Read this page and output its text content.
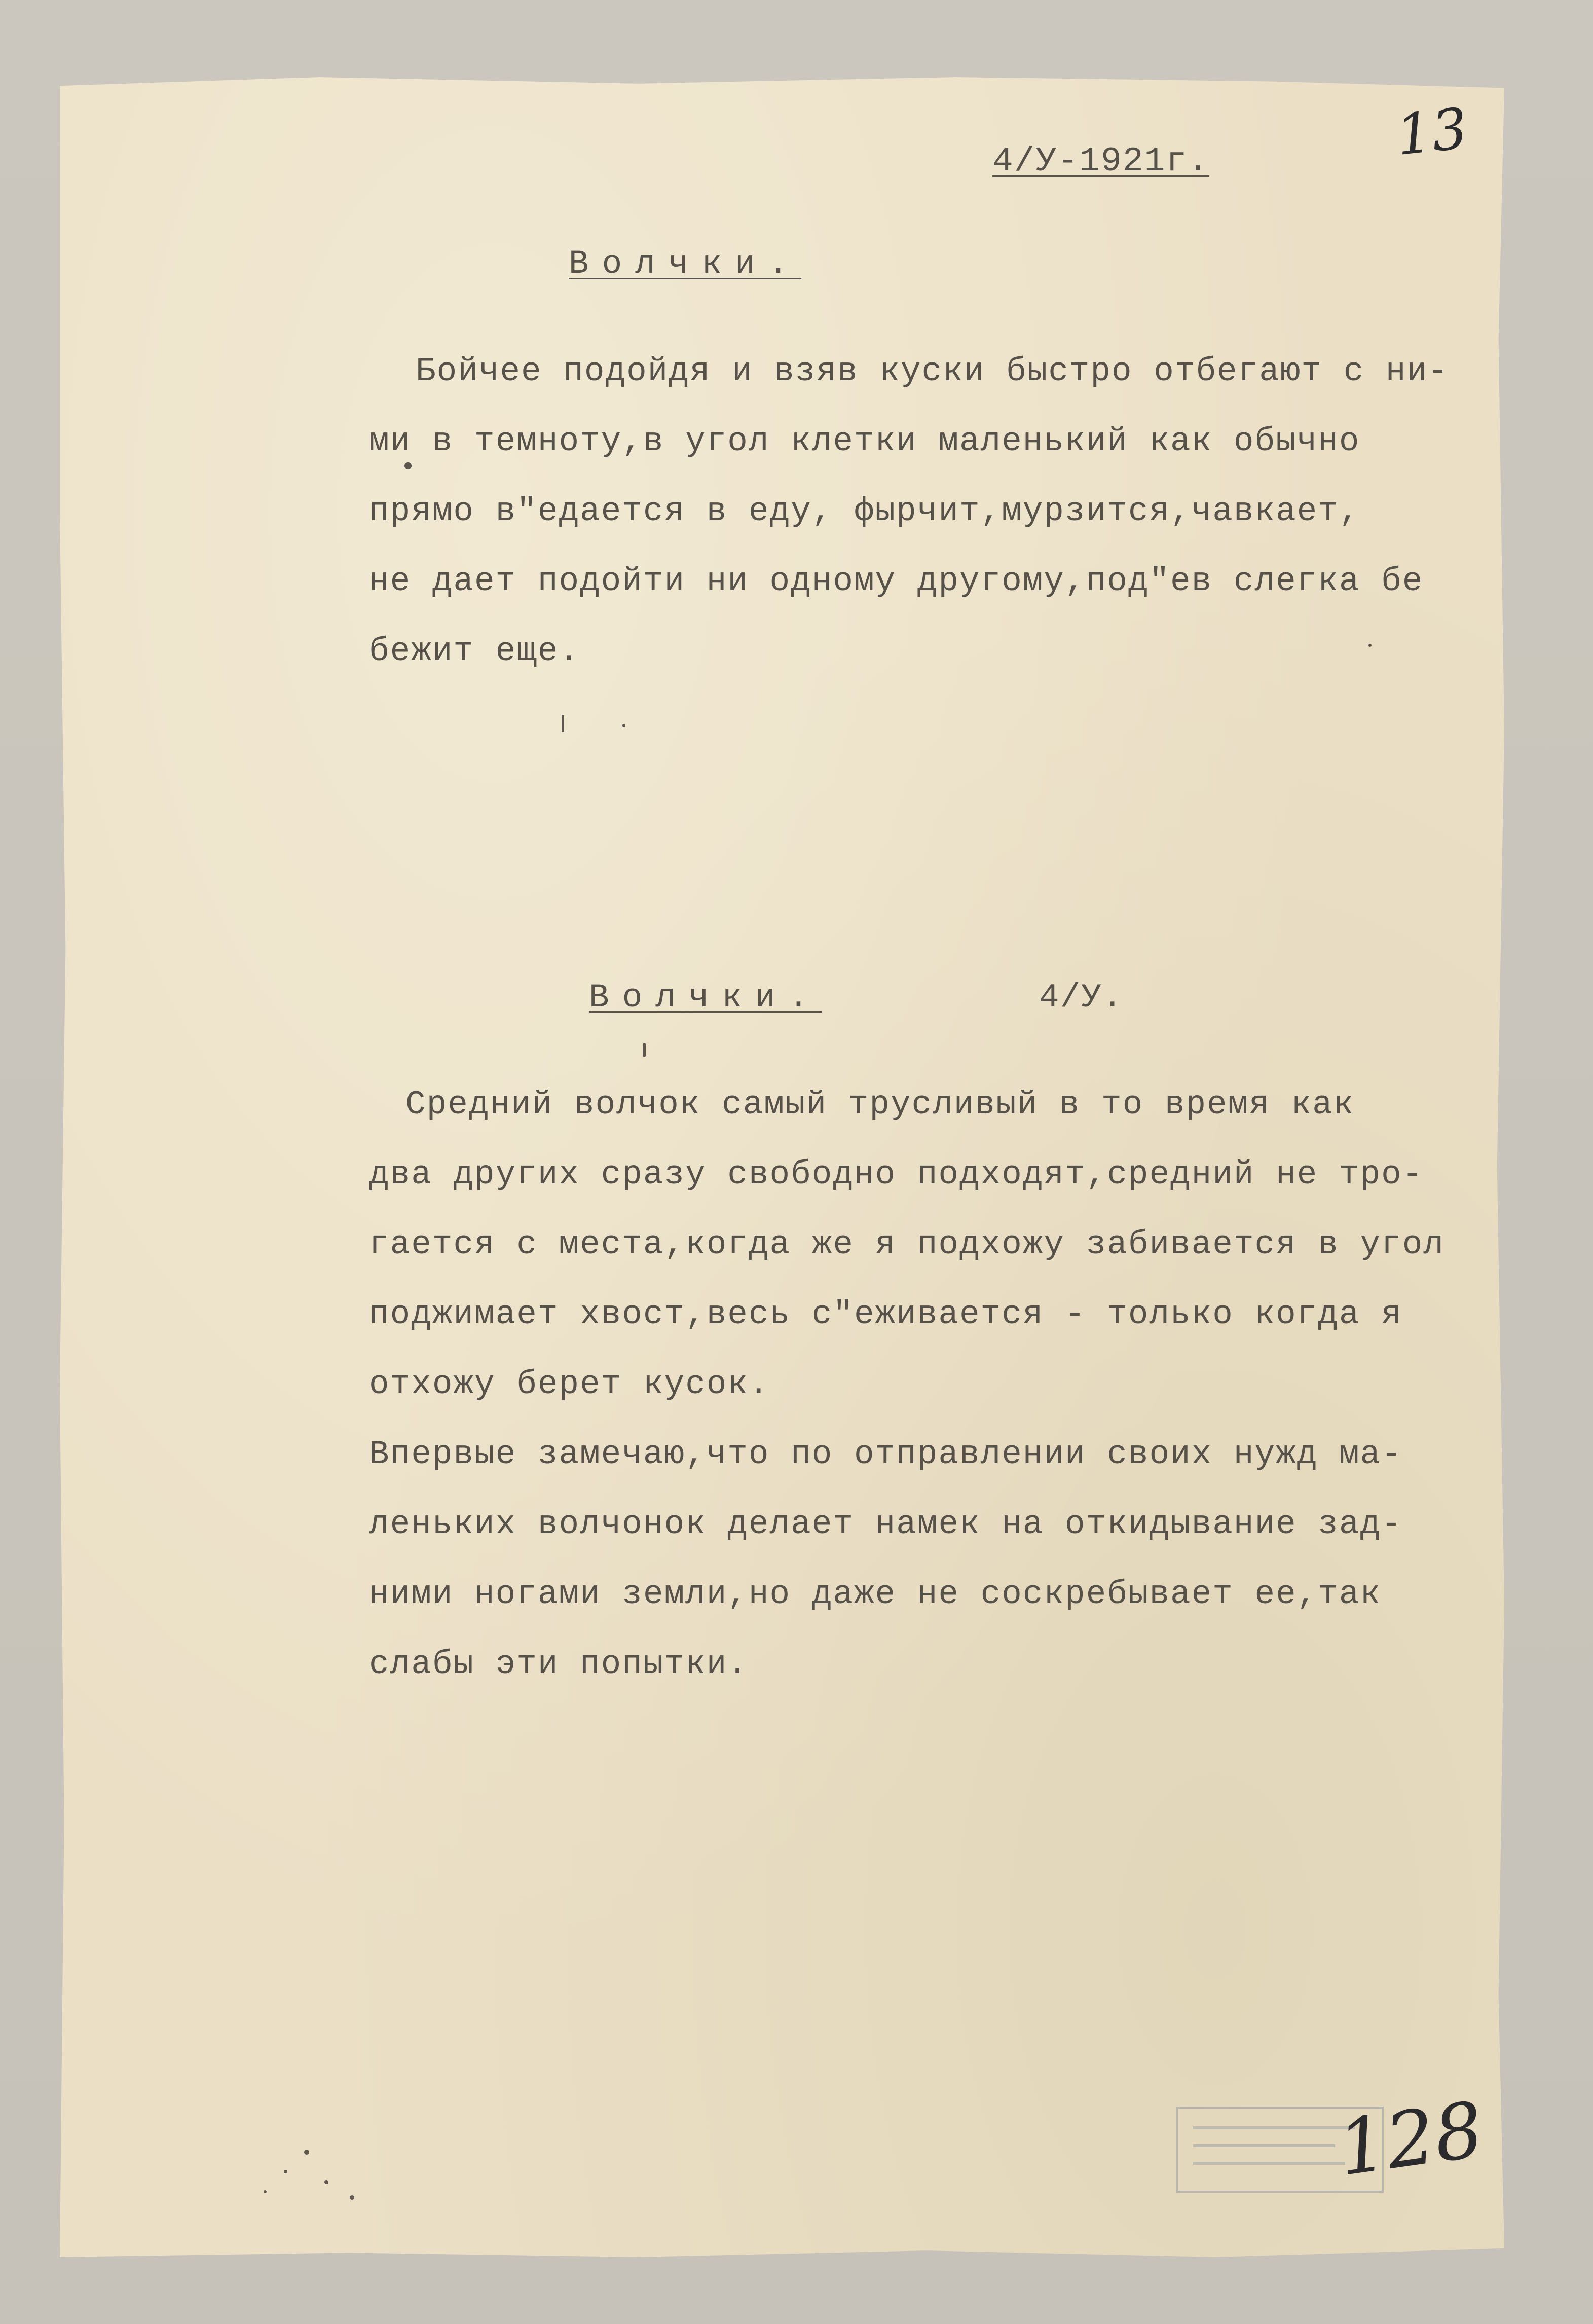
13
4/У-1921г.
Волчки.
Бойчее подойдя и взяв куски быстро отбегают с ни-
ми в темноту,в угол клетки маленький как обычно
прямо в"едается в еду, фырчит,мурзится,чавкает,
не дает подойти ни одному другому,под"ев слегка бе
бежит еще.
Волчки.	4/У.
Средний волчок самый трусливый в то время как
два других сразу свободно подходят,средний не тро-
гается с места,когда же я подхожу забивается в угол
поджимает хвост,весь с"еживается - только когда я
отхожу берет кусок.
Впервые замечаю,что по отправлении своих нужд ма-
леньких волчонок делает намек на откидывание зад-
ними ногами земли,но даже не соскребывает ее,так
слабы эти попытки.
128
